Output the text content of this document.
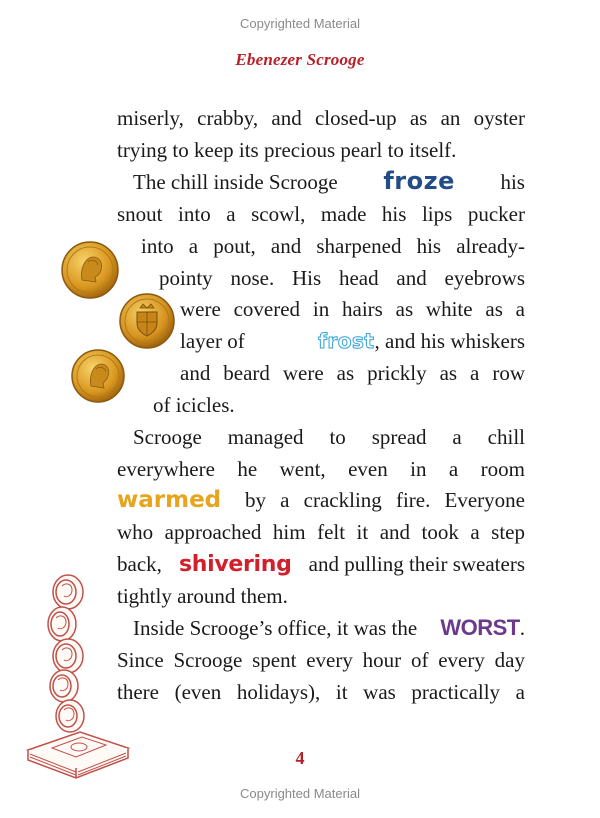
Copyrighted Material
Ebenezer Scrooge
miserly, crabby, and closed-up as an oyster
trying to keep its precious pearl to itself.
The chill inside Scrooge froze his
snout into a scowl, made his lips pucker
into a pout, and sharpened his already-
pointy nose. His head and eyebrows
were covered in hairs as white as a
layer of	frost, and his whiskers
and beard were as prickly as a row
of icicles.
Scrooge managed to spread a chill
everywhere he went, even in a room
warmed by a crackling fire. Everyone
who approached him felt it and took a step
back, shivering and pulling their sweaters
tightly around them.
Inside Scrooge’s office, it was the WORST.
Since Scrooge spent every hour of every day
there (even holidays), it was practically a
4
Copyrighted Material
